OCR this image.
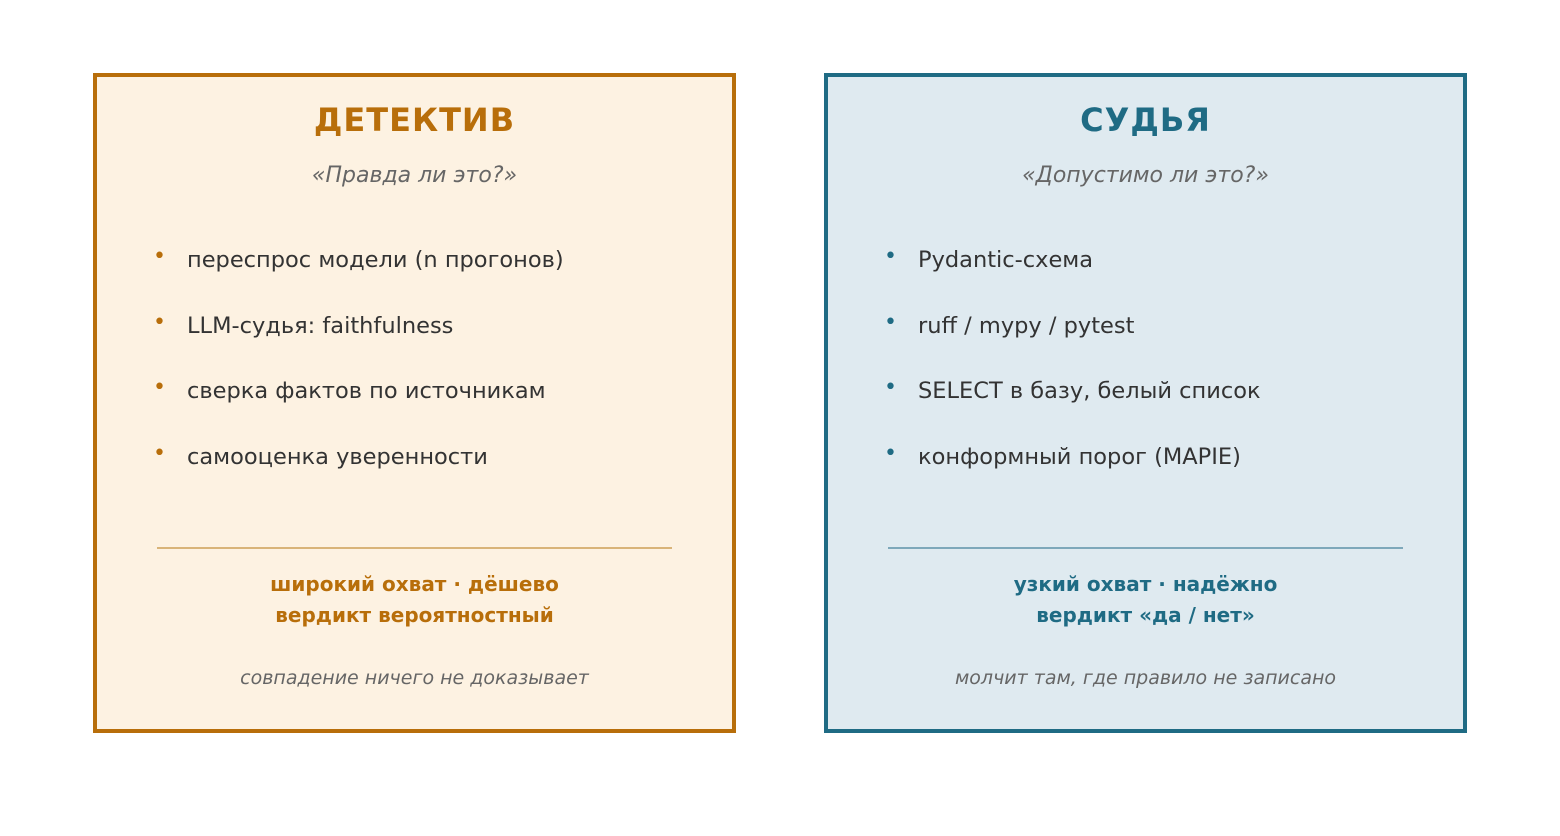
ДЕТЕКТИВ
«Правда ли это?»
• переспрос модели (n прогонов)
• LLM-судья: faithfulness
• сверка фактов по источникам
• самооценка уверенности
широкий охват · дёшево
вердикт вероятностный
совпадение ничего не доказывает
СУДЬЯ
«Допустимо ли это?»
• Pydantic-схема
• ruff / mypy / pytest
• SELECT в базу, белый список
• конформный порог (MAPIE)
узкий охват · надёжно
вердикт «да / нет»
молчит там, где правило не записано
